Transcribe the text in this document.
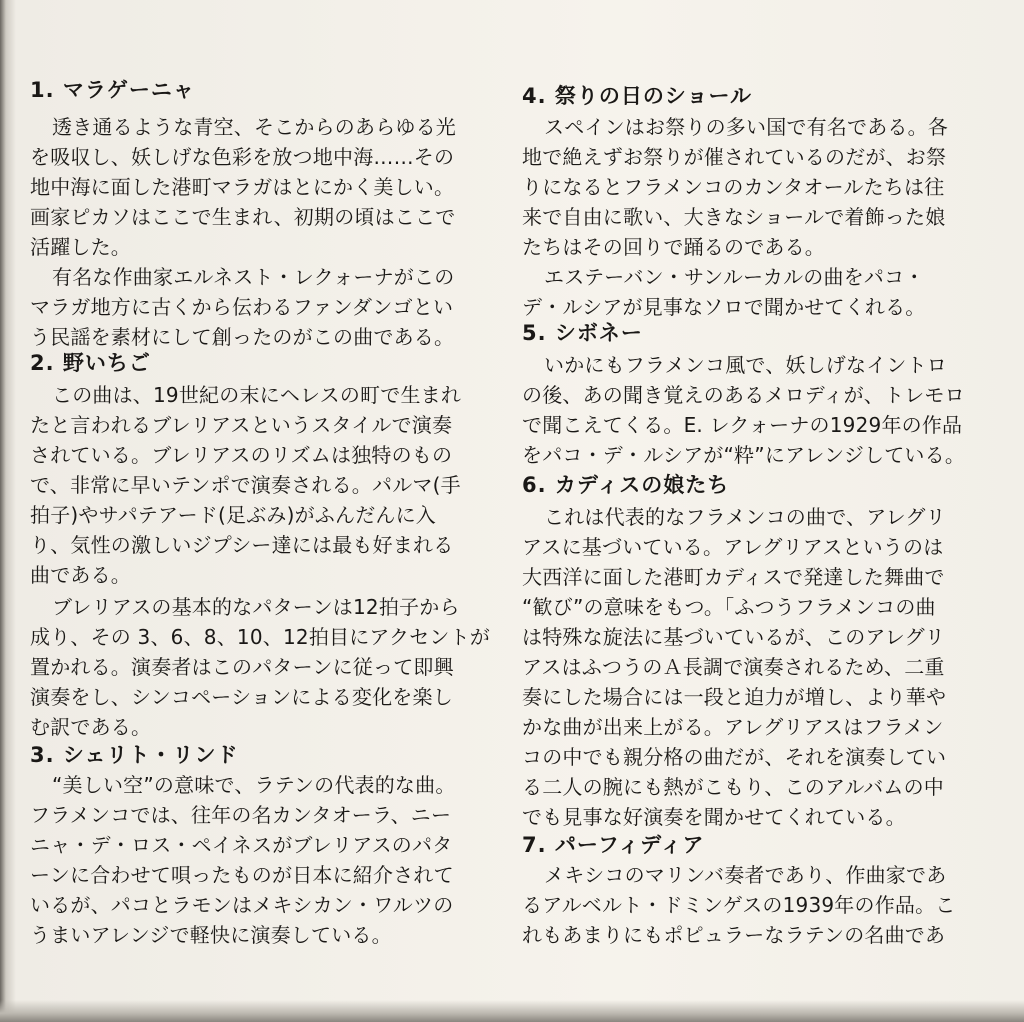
1. マラゲーニャ
透き通るような青空、そこからのあらゆる光
を吸収し、妖しげな色彩を放つ地中海……その
地中海に面した港町マラガはとにかく美しい。
画家ピカソはここで生まれ、初期の頃はここで
活躍した。
有名な作曲家エルネスト・レクォーナがこの
マラガ地方に古くから伝わるファンダンゴとい
う民謡を素材にして創ったのがこの曲である。
2. 野いちご
この曲は、19世紀の末にヘレスの町で生まれ
たと言われるブレリアスというスタイルで演奏
されている。ブレリアスのリズムは独特のもの
で、非常に早いテンポで演奏される。パルマ(手
拍子)やサパテアード(足ぶみ)がふんだんに入
り、気性の激しいジプシー達には最も好まれる
曲である。
ブレリアスの基本的なパターンは12拍子から
成り、その 3、6、8、10、12拍目にアクセントが
置かれる。演奏者はこのパターンに従って即興
演奏をし、シンコペーションによる変化を楽し
む訳である。
3. シェリト・リンド
“美しい空”の意味で、ラテンの代表的な曲。
フラメンコでは、往年の名カンタオーラ、ニー
ニャ・デ・ロス・ペイネスがブレリアスのパタ
ーンに合わせて唄ったものが日本に紹介されて
いるが、パコとラモンはメキシカン・ワルツの
うまいアレンジで軽快に演奏している。
4. 祭りの日のショール
スペインはお祭りの多い国で有名である。各
地で絶えずお祭りが催されているのだが、お祭
りになるとフラメンコのカンタオールたちは往
来で自由に歌い、大きなショールで着飾った娘
たちはその回りで踊るのである。
エステーバン・サンルーカルの曲をパコ・
デ・ルシアが見事なソロで聞かせてくれる。
5. シボネー
いかにもフラメンコ風で、妖しげなイントロ
の後、あの聞き覚えのあるメロディが、トレモロ
で聞こえてくる。E. レクォーナの1929年の作品
をパコ・デ・ルシアが“粋”にアレンジしている。
6. カディスの娘たち
これは代表的なフラメンコの曲で、アレグリ
アスに基づいている。アレグリアスというのは
大西洋に面した港町カディスで発達した舞曲で
“歓び”の意味をもつ。「ふつうフラメンコの曲
は特殊な旋法に基づいているが、このアレグリ
アスはふつうのＡ長調で演奏されるため、二重
奏にした場合には一段と迫力が増し、より華や
かな曲が出来上がる。アレグリアスはフラメン
コの中でも親分格の曲だが、それを演奏してい
る二人の腕にも熱がこもり、このアルバムの中
でも見事な好演奏を聞かせてくれている。
7. パーフィディア
メキシコのマリンバ奏者であり、作曲家であ
るアルベルト・ドミンゲスの1939年の作品。こ
れもあまりにもポピュラーなラテンの名曲であ
